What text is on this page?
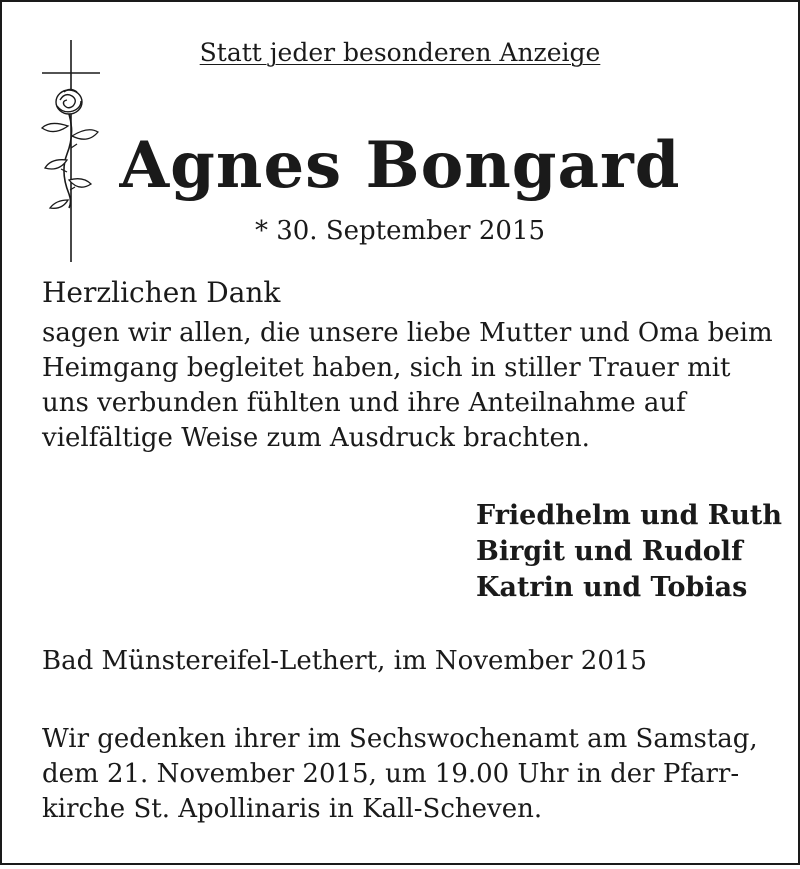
Statt jeder besonderen Anzeige
Agnes Bongard
* 30. September 2015
Herzlichen Dank
sagen wir allen, die unsere liebe Mutter und Oma beim
Heimgang begleitet haben, sich in stiller Trauer mit
uns verbunden fühlten und ihre Anteilnahme auf
vielfältige Weise zum Ausdruck brachten.
Friedhelm und Ruth
Birgit und Rudolf
Katrin und Tobias
Bad Münstereifel-Lethert, im November 2015
Wir gedenken ihrer im Sechswochenamt am Samstag,
dem 21. November 2015, um 19.00 Uhr in der Pfarr-
kirche St. Apollinaris in Kall-Scheven.
